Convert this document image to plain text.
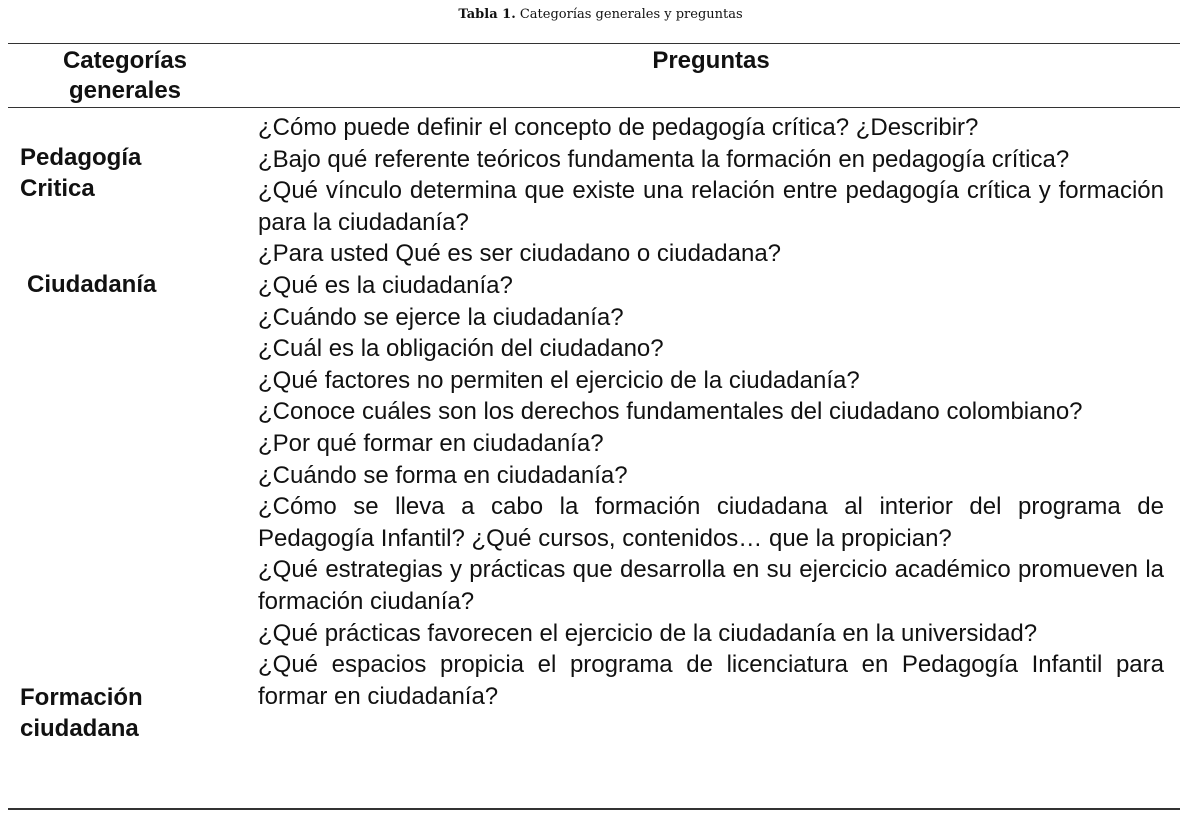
Tabla 1. Categorías generales y preguntas
Categorías
generales
Preguntas
Pedagogía
Critica
Ciudadanía
Formación
ciudadana

¿Cómo puede definir el concepto de pedagogía crítica? ¿Describir?

¿Bajo qué referente teóricos fundamenta la formación en pedagogía crítica?

¿Qué vínculo determina que existe una relación entre pedagogía crítica y formación para la ciudadanía?

¿Para usted Qué es ser ciudadano o ciudadana?

¿Qué es la ciudadanía?

¿Cuándo se ejerce la ciudadanía?

¿Cuál es la obligación del ciudadano?

¿Qué factores no permiten el ejercicio de la ciudadanía?

¿Conoce cuáles son los derechos fundamentales del ciudadano colombiano?

¿Por qué formar en ciudadanía?

¿Cuándo se forma en ciudadanía?

¿Cómo se lleva a cabo la formación ciudadana al interior del programa de Pedagogía Infantil? ¿Qué cursos, contenidos… que la propician?

¿Qué estrategias y prácticas que desarrolla en su ejercicio académico promueven la formación ciudanía?

¿Qué prácticas favorecen el ejercicio de la ciudadanía en la universidad?

¿Qué espacios propicia el programa de licenciatura en Pedagogía Infantil para formar en ciudadanía?
